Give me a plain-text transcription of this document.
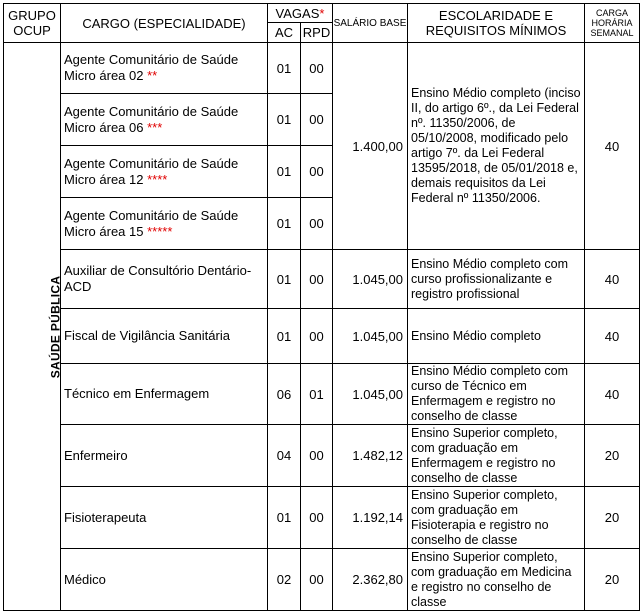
GRUPO OCUP	CARGO (ESPECIALIDADE)	VAGAS*		SALÁRIO BASE	ESCOLARIDADE E REQUISITOS MÍNIMOS	CARGA HORÁRIA SEMANAL
		AC	RPD			
SAÚDE PÚBLICA	Agente Comunitário de Saúde Micro área 02 **	01	00	1.400,00	Ensino Médio completo (inciso II, do artigo 6º., da Lei Federal nº. 11350/2006, de 05/10/2008, modificado pelo artigo 7º. da Lei Federal 13595/2018, de 05/01/2018 e, demais requisitos da Lei Federal nº 11350/2006.	40
	Agente Comunitário de Saúde Micro área 06 ***	01	00			
	Agente Comunitário de Saúde Micro área 12 ****	01	00			
	Agente Comunitário de Saúde Micro área 15 *****	01	00			
	Auxiliar de Consultório Dentário-ACD	01	00	1.045,00	Ensino Médio completo com curso profissionalizante e registro profissional	40
	Fiscal de Vigilância Sanitária	01	00	1.045,00	Ensino Médio completo	40
	Técnico em Enfermagem	06	01	1.045,00	Ensino Médio completo com curso de Técnico em Enfermagem e registro no conselho de classe	40
	Enfermeiro	04	00	1.482,12	Ensino Superior completo, com graduação em Enfermagem e registro no conselho de classe	20
	Fisioterapeuta	01	00	1.192,14	Ensino Superior completo, com graduação em Fisioterapia e registro no conselho de classe	20
	Médico	02	00	2.362,80	Ensino Superior completo, com graduação em Medicina e registro no conselho de classe	20
